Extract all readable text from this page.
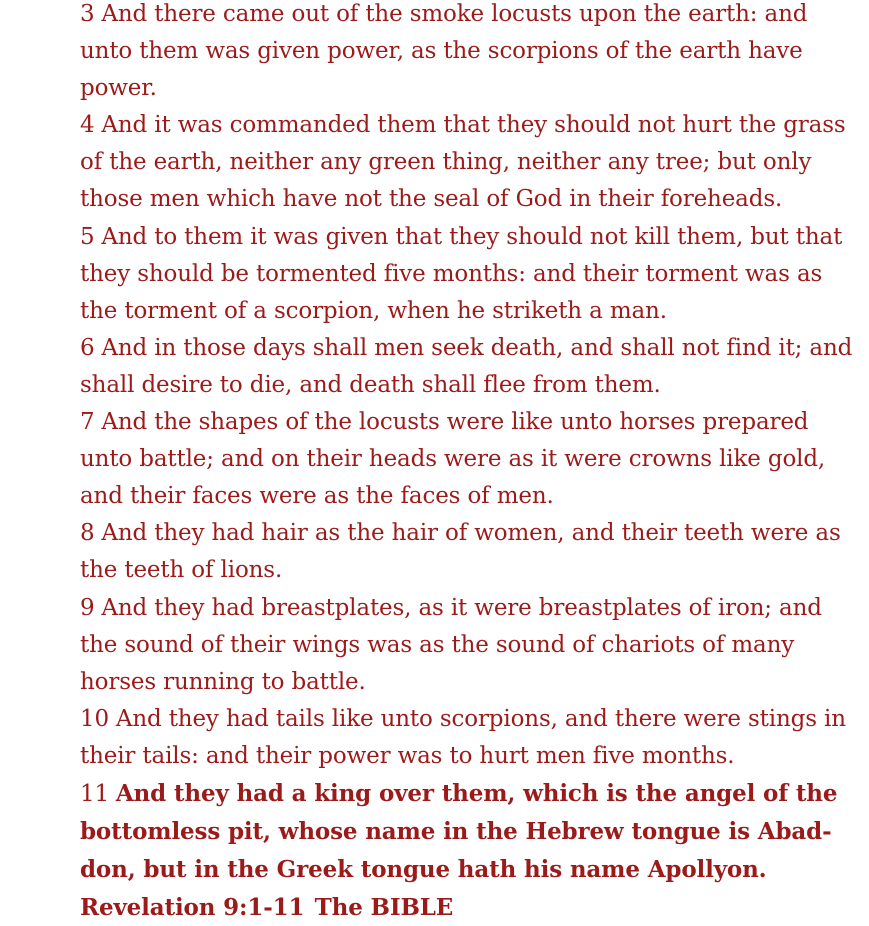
3 And there came out of the smoke locusts upon the earth: and unto them was given power, as the scorpions of the earth have power.

4 And it was commanded them that they should not hurt the grass of the earth, neither any green thing, neither any tree; but only those men which have not the seal of God in their foreheads.

5 And to them it was given that they should not kill them, but that they should be tormented five months: and their torment was as the torment of a scorpion, when he striketh a man.

6 And in those days shall men seek death, and shall not find it; and shall desire to die, and death shall flee from them.

7 And the shapes of the locusts were like unto horses prepared unto battle; and on their heads were as it were crowns like gold, and their faces were as the faces of men.

8 And they had hair as the hair of women, and their teeth were as the teeth of lions.

9 And they had breastplates, as it were breastplates of iron; and the sound of their wings was as the sound of chariots of many horses running to battle.

10 And they had tails like unto scorpions, and there were stings in their tails: and their power was to hurt men five months.

11 And they had a king over them, which is the angel of the bottomless pit, whose name in the Hebrew tongue is Abad-don, but in the Greek tongue hath his name Apollyon.

Revelation 9:1-11 The BIBLE
